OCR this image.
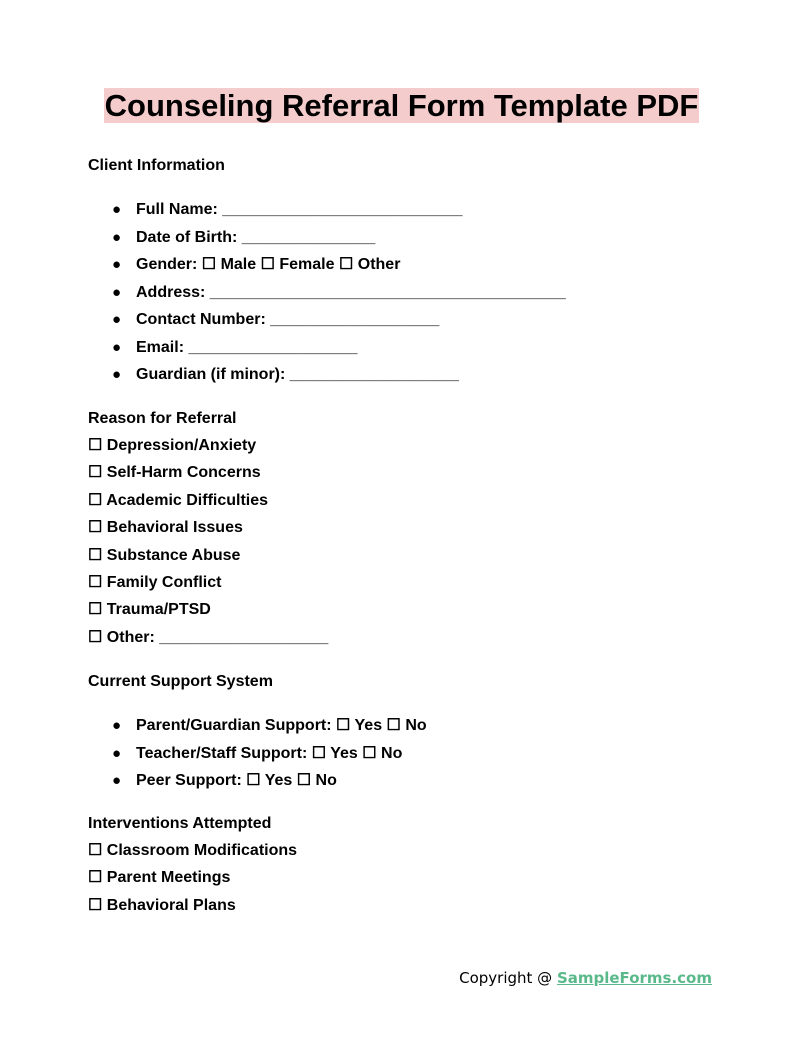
Counseling Referral Form Template PDF
Client Information
● Full Name: ___________________________
● Date of Birth: _______________
● Gender: ☐ Male ☐ Female ☐ Other
● Address: ________________________________________
● Contact Number: ___________________
● Email: ___________________
● Guardian (if minor): ___________________
Reason for Referral
☐ Depression/Anxiety
☐ Self-Harm Concerns
☐ Academic Difficulties
☐ Behavioral Issues
☐ Substance Abuse
☐ Family Conflict
☐ Trauma/PTSD
☐ Other: ___________________
Current Support System
● Parent/Guardian Support: ☐ Yes ☐ No
● Teacher/Staff Support: ☐ Yes ☐ No
● Peer Support: ☐ Yes ☐ No
Interventions Attempted
☐ Classroom Modifications
☐ Parent Meetings
☐ Behavioral Plans
Copyright @ SampleForms.com
